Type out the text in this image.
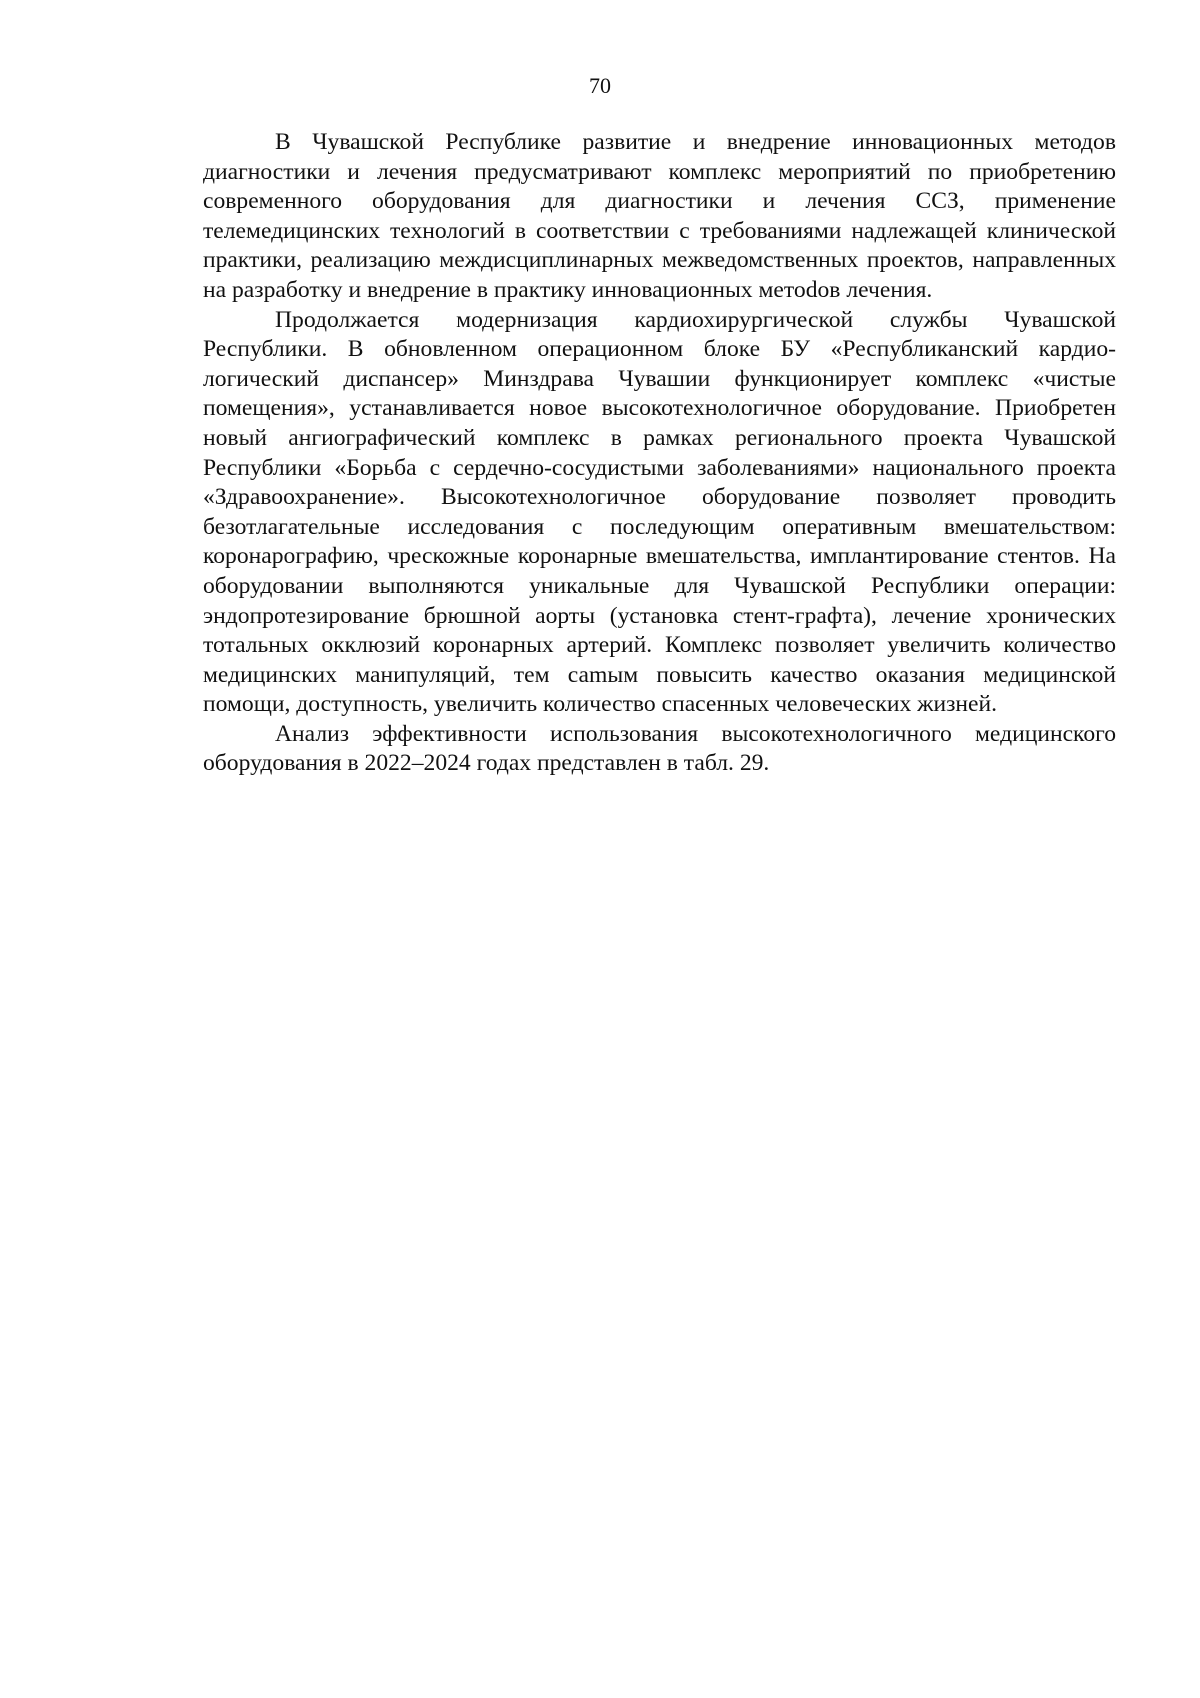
70

В Чувашской Республике развитие и внедрение инновационных методов диагностики и лечения предусматривают комплекс мероприятий по приобретению современного оборудования для диагностики и лечения ССЗ, применение телемедицинских технологий в соответствии с требованиями надлежащей клинической практики, реализацию междисциплинарных межведомственных проектов, направленных на разработку и внедрение в практику инновационных метоdов лечения.

Продолжается модернизация кардиохирургической службы Чувашской Республики. В обновленном операционном блоке БУ «Республиканский кардиологический диспансер» Минздрава Чувашии функционирует комплекс «чистые помещения», устанавливается новое высокотехнологичное оборудование. Приобретен новый ангиографический комплекс в рамках регионального проекта Чувашской Республики «Борьба с сердечно-сосудистыми заболеваниями» национального проекта «Здравоохранение». Высокотехнологичное оборудование позволяет проводить безотлагательные исследования с последующим оперативным вмешательством: коронарографию, чрескожные коронарные вмешательства, имплантирование стентов. На оборудовании выполняются уникальные для Чувашской Республики операции: эндопротезирование брюшной аорты (установка стент-графта), лечение хронических тотальных окклюзий коронарных артерий. Комплекс позволяет увеличить количество медицинских манипуляций, тем саmым повысить качество оказания медицинской помощи, доступность, увеличить количество спасенных человеческих жизней.

Анализ эффективности использования высокотехнологичного медицинского оборудования в 2022–2024 годах представлен в табл. 29.
